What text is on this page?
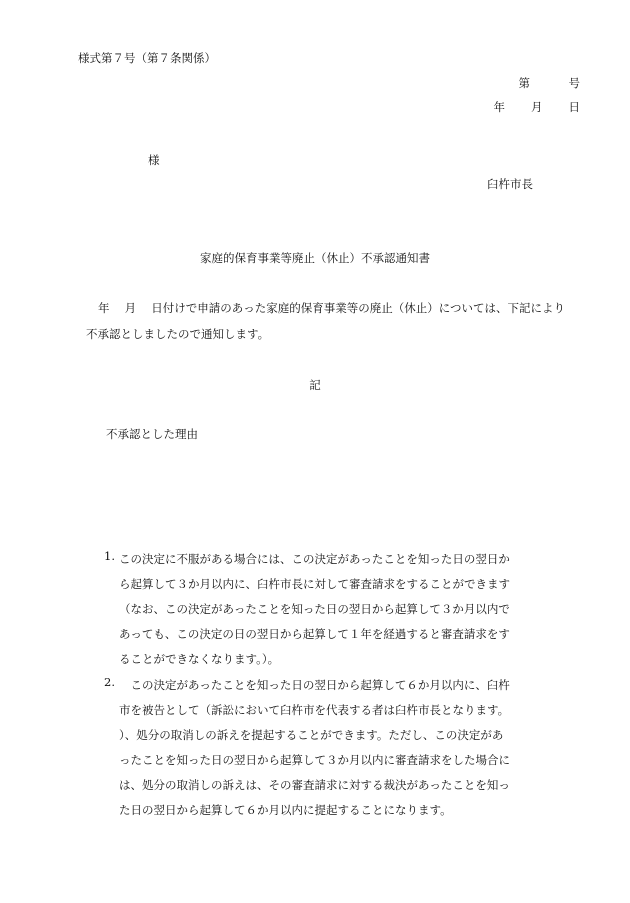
様式第７号（第７条関係）
第　　　号
年　　月　　日
様
臼杵市長
家庭的保育事業等廃止（休止）不承認通知書
年　 月　 日付けで申請のあった家庭的保育事業等の廃止（休止）については、下記により
不承認としましたので通知します。
記
不承認とした理由
1. この決定に不服がある場合には、この決定があったことを知った日の翌日か
ら起算して３か月以内に、臼杵市長に対して審査請求をすることができます
（なお、この決定があったことを知った日の翌日から起算して３か月以内で
あっても、この決定の日の翌日から起算して１年を経過すると審査請求をす
ることができなくなります。）。
2. 　この決定があったことを知った日の翌日から起算して６か月以内に、臼杵
市を被告として（訴訟において臼杵市を代表する者は臼杵市長となります。
）、処分の取消しの訴えを提起することができます。ただし、この決定があ
ったことを知った日の翌日から起算して３か月以内に審査請求をした場合に
は、処分の取消しの訴えは、その審査請求に対する裁決があったことを知っ
た日の翌日から起算して６か月以内に提起することになります。
